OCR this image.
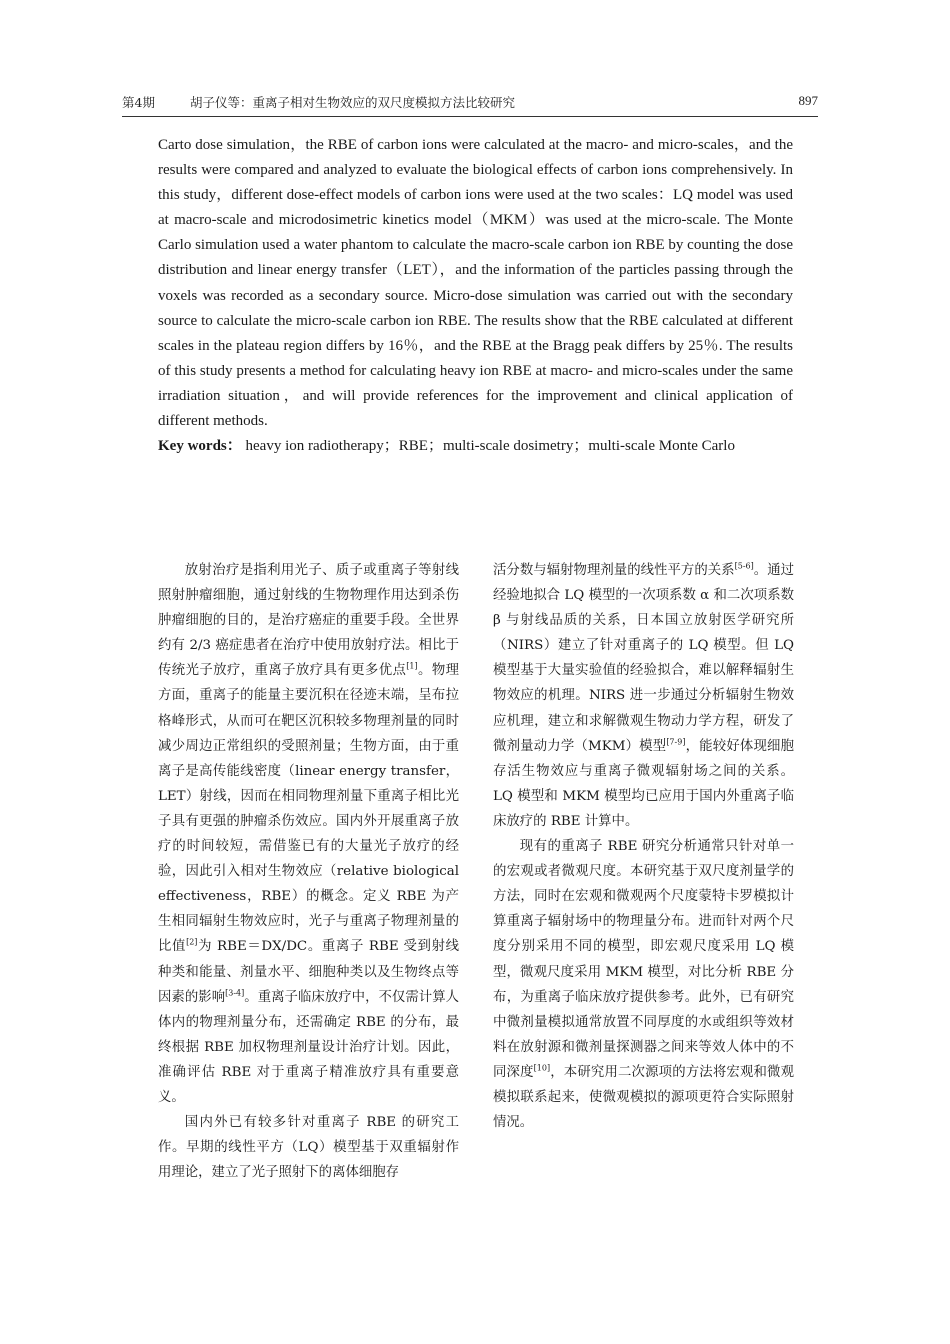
第4期	胡子仪等：重离子相对生物效应的双尺度模拟方法比较研究	897

Carto dose simulation，the RBE of carbon ions were calculated at the macro- and micro-scales，and the results were compared and analyzed to evaluate the biological effects of carbon ions comprehensively. In this study，different dose-effect models of carbon ions were used at the two scales：LQ model was used at macro-scale and microdosimetric kinetics model（MKM）was used at the micro-scale. The Monte Carlo simulation used a water phantom to calculate the macro-scale carbon ion RBE by counting the dose distribution and linear energy transfer（LET），and the information of the particles passing through the voxels was recorded as a secondary source. Micro-dose simulation was carried out with the secondary source to calculate the micro-scale carbon ion RBE. The results show that the RBE calculated at different scales in the plateau region differs by 16％，and the RBE at the Bragg peak differs by 25％. The results of this study presents a method for calculating heavy ion RBE at macro- and micro-scales under the same irradiation situation，and will provide references for the improvement and clinical application of different methods.

Key words： heavy ion radiotherapy；RBE；multi-scale dosimetry；multi-scale Monte Carlo

放射治疗是指利用光子、质子或重离子等射线照射肿瘤细胞，通过射线的生物物理作用达到杀伤肿瘤细胞的目的，是治疗癌症的重要手段。全世界约有 2/3 癌症患者在治疗中使用放射疗法。相比于传统光子放疗，重离子放疗具有更多优点[1]。物理方面，重离子的能量主要沉积在径迹末端，呈布拉格峰形式，从而可在靶区沉积较多物理剂量的同时减少周边正常组织的受照剂量；生物方面，由于重离子是高传能线密度（linear energy transfer，LET）射线，因而在相同物理剂量下重离子相比光子具有更强的肿瘤杀伤效应。国内外开展重离子放疗的时间较短，需借鉴已有的大量光子放疗的经验，因此引入相对生物效应（relative biological effectiveness，RBE）的概念。定义 RBE 为产生相同辐射生物效应时，光子与重离子物理剂量的比值[2]为 RBE＝DX/DC。重离子 RBE 受到射线种类和能量、剂量水平、细胞种类以及生物终点等因素的影响[3-4]。重离子临床放疗中，不仅需计算人体内的物理剂量分布，还需确定 RBE 的分布，最终根据 RBE 加权物理剂量设计治疗计划。因此，准确评估 RBE 对于重离子精准放疗具有重要意义。

国内外已有较多针对重离子 RBE 的研究工作。早期的线性平方（LQ）模型基于双重辐射作用理论，建立了光子照射下的离体细胞存

活分数与辐射物理剂量的线性平方的关系[5-6]。通过经验地拟合 LQ 模型的一次项系数 α 和二次项系数 β 与射线品质的关系，日本国立放射医学研究所（NIRS）建立了针对重离子的 LQ 模型。但 LQ 模型基于大量实验值的经验拟合，难以解释辐射生物效应的机理。NIRS 进一步通过分析辐射生物效应机理，建立和求解微观生物动力学方程，研发了微剂量动力学（MKM）模型[7-9]，能较好体现细胞存活生物效应与重离子微观辐射场之间的关系。LQ 模型和 MKM 模型均已应用于国内外重离子临床放疗的 RBE 计算中。

现有的重离子 RBE 研究分析通常只针对单一的宏观或者微观尺度。本研究基于双尺度剂量学的方法，同时在宏观和微观两个尺度蒙特卡罗模拟计算重离子辐射场中的物理量分布。进而针对两个尺度分别采用不同的模型，即宏观尺度采用 LQ 模型，微观尺度采用 MKM 模型，对比分析 RBE 分布，为重离子临床放疗提供参考。此外，已有研究中微剂量模拟通常放置不同厚度的水或组织等效材料在放射源和微剂量探测器之间来等效人体中的不同深度[10]，本研究用二次源项的方法将宏观和微观模拟联系起来，使微观模拟的源项更符合实际照射情况。
